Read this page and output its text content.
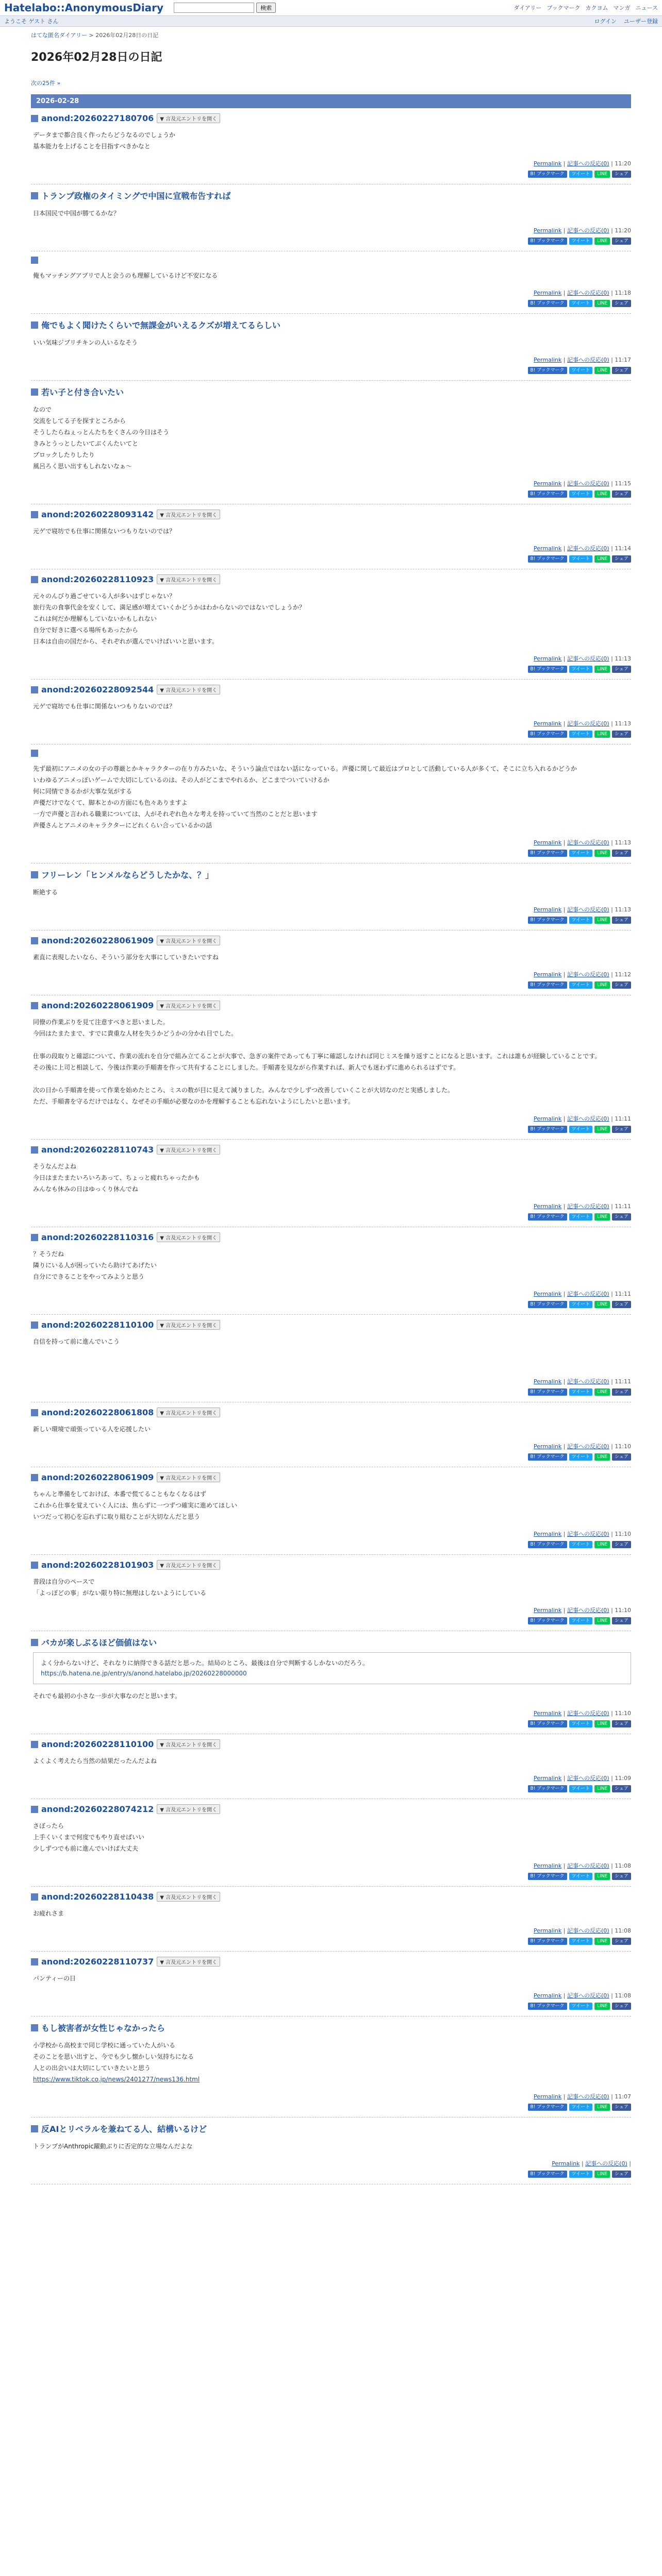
Hatelabo::AnonymousDiary	検索	ダイアリー ブックマーク カクヨム マンガ ニュース
ようこそ ゲスト さん	ログイン ユーザー登録
はてな匿名ダイアリー > 2026年02月28日の日記
2026年02月28日の日記
次の25件 »
2026-02-28
anond:20260227180706	▼ 言及元エントリを開く

データまで都合良く作ったらどうなるのでしょうか

基本能力を上げることを目指すべきかなと

Permalink | 記事への反応(0) | 11:20
B! ブックマーク	ツイート	LINE	シェア
トランプ政権のタイミングで中国に宣戦布告すれば

日本国民で中国が勝てるかな？

Permalink | 記事への反応(0) | 11:20
B! ブックマーク	ツイート	LINE	シェア

俺もマッチングアプリで人と会うのも理解しているけど不安になる

Permalink | 記事への反応(0) | 11:18
B! ブックマーク	ツイート	LINE	シェア
俺でもよく聞けたくらいで無課金がいえるクズが増えてるらしい

いい気味ジブリチキンの人いるなそう

Permalink | 記事への反応(0) | 11:17
B! ブックマーク	ツイート	LINE	シェア
若い子と付き合いたい

なので

交流をしてる子を探すところから

そうしたらねぇっとんたちをくさんの今日はそう

きみとうっとしたいてぶくんたいてと

ブロックしたりしたり

風呂ろく思い出すもしれないなぁ〜

Permalink | 記事への反応(0) | 11:15
B! ブックマーク	ツイート	LINE	シェア
anond:20260228093142	▼ 言及元エントリを開く

元ゲで寝坊でも仕事に関係ないつもりないのでは？

Permalink | 記事への反応(0) | 11:14
B! ブックマーク	ツイート	LINE	シェア
anond:20260228110923	▼ 言及元エントリを開く

元々のんびり過ごせている人が多いはずじゃない？

旅行先の食事代金を安くして、満足感が増えていくかどうかはわからないのではないでしょうか？

これは何だか理解もしていないかもしれない

自分で好きに選べる場所もあったから

日本は自由の国だから、それぞれが選んでいけばいいと思います。

Permalink | 記事への反応(0) | 11:13
B! ブックマーク	ツイート	LINE	シェア
anond:20260228092544	▼ 言及元エントリを開く

元ゲで寝坊でも仕事に関係ないつもりないのでは？

Permalink | 記事への反応(0) | 11:13
B! ブックマーク	ツイート	LINE	シェア

先ず最初にアニメの女の子の尊厳とかキャラクターの在り方みたいな、そういう論点ではない話になっている。声優に関して最近はプロとして活動している人が多くて、そこに立ち入れるかどうか

いわゆるアニメっぽいゲームで大切にしているのは、その人がどこまでやれるか、どこまでついていけるか

何に同情できるかが大事な気がする

声優だけでなくて、脚本とかの方面にも色々ありますよ

一方で声優と言われる職業については、人がそれぞれ色々な考えを持っていて当然のことだと思います

声優さんとアニメのキャラクターにどれくらい合っているかの話

Permalink | 記事への反応(0) | 11:13
B! ブックマーク	ツイート	LINE	シェア
フリーレン「ヒンメルならどうしたかな、？」

断絶する

Permalink | 記事への反応(0) | 11:13
B! ブックマーク	ツイート	LINE	シェア
anond:20260228061909	▼ 言及元エントリを開く

素直に表現したいなら、そういう部分を大事にしていきたいですね

Permalink | 記事への反応(0) | 11:12
B! ブックマーク	ツイート	LINE	シェア
anond:20260228061909	▼ 言及元エントリを開く

同僚の作業ぶりを見て注意すべきと思いました。

今回はたまたまで、すでに貴重な人材を失うかどうかの分かれ目でした。

仕事の段取りと確認について、作業の流れを自分で組み立てることが大事で、急ぎの案件であっても丁寧に確認しなければ同じミスを繰り返すことになると思います。これは誰もが経験していることです。

その後に上司と相談して、今後は作業の手順書を作って共有することにしました。手順書を見ながら作業すれば、新人でも迷わずに進められるはずです。

次の日から手順書を使って作業を始めたところ、ミスの数が目に見えて減りました。みんなで少しずつ改善していくことが大切なのだと実感しました。

ただ、手順書を守るだけではなく、なぜその手順が必要なのかを理解することも忘れないようにしたいと思います。

Permalink | 記事への反応(0) | 11:11
B! ブックマーク	ツイート	LINE	シェア
anond:20260228110743	▼ 言及元エントリを開く

そうなんだよね

今日はまたまたいろいろあって、ちょっと疲れちゃったかも

みんなも休みの日はゆっくり休んでね

Permalink | 記事への反応(0) | 11:11
B! ブックマーク	ツイート	LINE	シェア
anond:20260228110316	▼ 言及元エントリを開く

？そうだね

隣りにいる人が困っていたら助けてあげたい

自分にできることをやってみようと思う

Permalink | 記事への反応(0) | 11:11
B! ブックマーク	ツイート	LINE	シェア
anond:20260228110100	▼ 言及元エントリを開く

自信を持って前に進んでいこう

Permalink | 記事への反応(0) | 11:11
B! ブックマーク	ツイート	LINE	シェア
anond:20260228061808	▼ 言及元エントリを開く

新しい環境で頑張っている人を応援したい

Permalink | 記事への反応(0) | 11:10
B! ブックマーク	ツイート	LINE	シェア
anond:20260228061909	▼ 言及元エントリを開く

ちゃんと準備をしておけば、本番で慌てることもなくなるはず

これから仕事を覚えていく人には、焦らずに一つずつ確実に進めてほしい

いつだって初心を忘れずに取り組むことが大切なんだと思う

Permalink | 記事への反応(0) | 11:10
B! ブックマーク	ツイート	LINE	シェア
anond:20260228101903	▼ 言及元エントリを開く

普段は自分のペースで

「よっぽどの事」がない限り特に無理はしないようにしている

Permalink | 記事への反応(0) | 11:10
B! ブックマーク	ツイート	LINE	シェア
バカが楽しぶるほど価値はない
よく分からないけど、それなりに納得できる話だと思った。結局のところ、最後は自分で判断するしかないのだろう。
https://b.hatena.ne.jp/entry/s/anond.hatelabo.jp/20260228000000

それでも最初の小さな一歩が大事なのだと思います。

Permalink | 記事への反応(0) | 11:10
B! ブックマーク	ツイート	LINE	シェア
anond:20260228110100	▼ 言及元エントリを開く

よくよく考えたら当然の結果だったんだよね

Permalink | 記事への反応(0) | 11:09
B! ブックマーク	ツイート	LINE	シェア
anond:20260228074212	▼ 言及元エントリを開く

さぼったら

上手くいくまで何度でもやり直せばいい

少しずつでも前に進んでいけば大丈夫

Permalink | 記事への反応(0) | 11:08
B! ブックマーク	ツイート	LINE	シェア
anond:20260228110438	▼ 言及元エントリを開く

お疲れさま

Permalink | 記事への反応(0) | 11:08
B! ブックマーク	ツイート	LINE	シェア
anond:20260228110737	▼ 言及元エントリを開く

パンティーの日

Permalink | 記事への反応(0) | 11:08
B! ブックマーク	ツイート	LINE	シェア
もし被害者が女性じゃなかったら

小学校から高校まで同じ学校に通っていた人がいる

そのことを思い出すと、今でも少し懐かしい気持ちになる

人との出会いは大切にしていきたいと思う

https://www.tiktok.co.jp/news/2401277/news136.html

Permalink | 記事への反応(0) | 11:07
B! ブックマーク	ツイート	LINE	シェア
反AIとリベラルを兼ねてる人、結構いるけど

トランプがAnthropic躍動ぶりに否定的な立場なんだよな

Permalink | 記事への反応(0) |
B! ブックマーク	ツイート	LINE	シェア
